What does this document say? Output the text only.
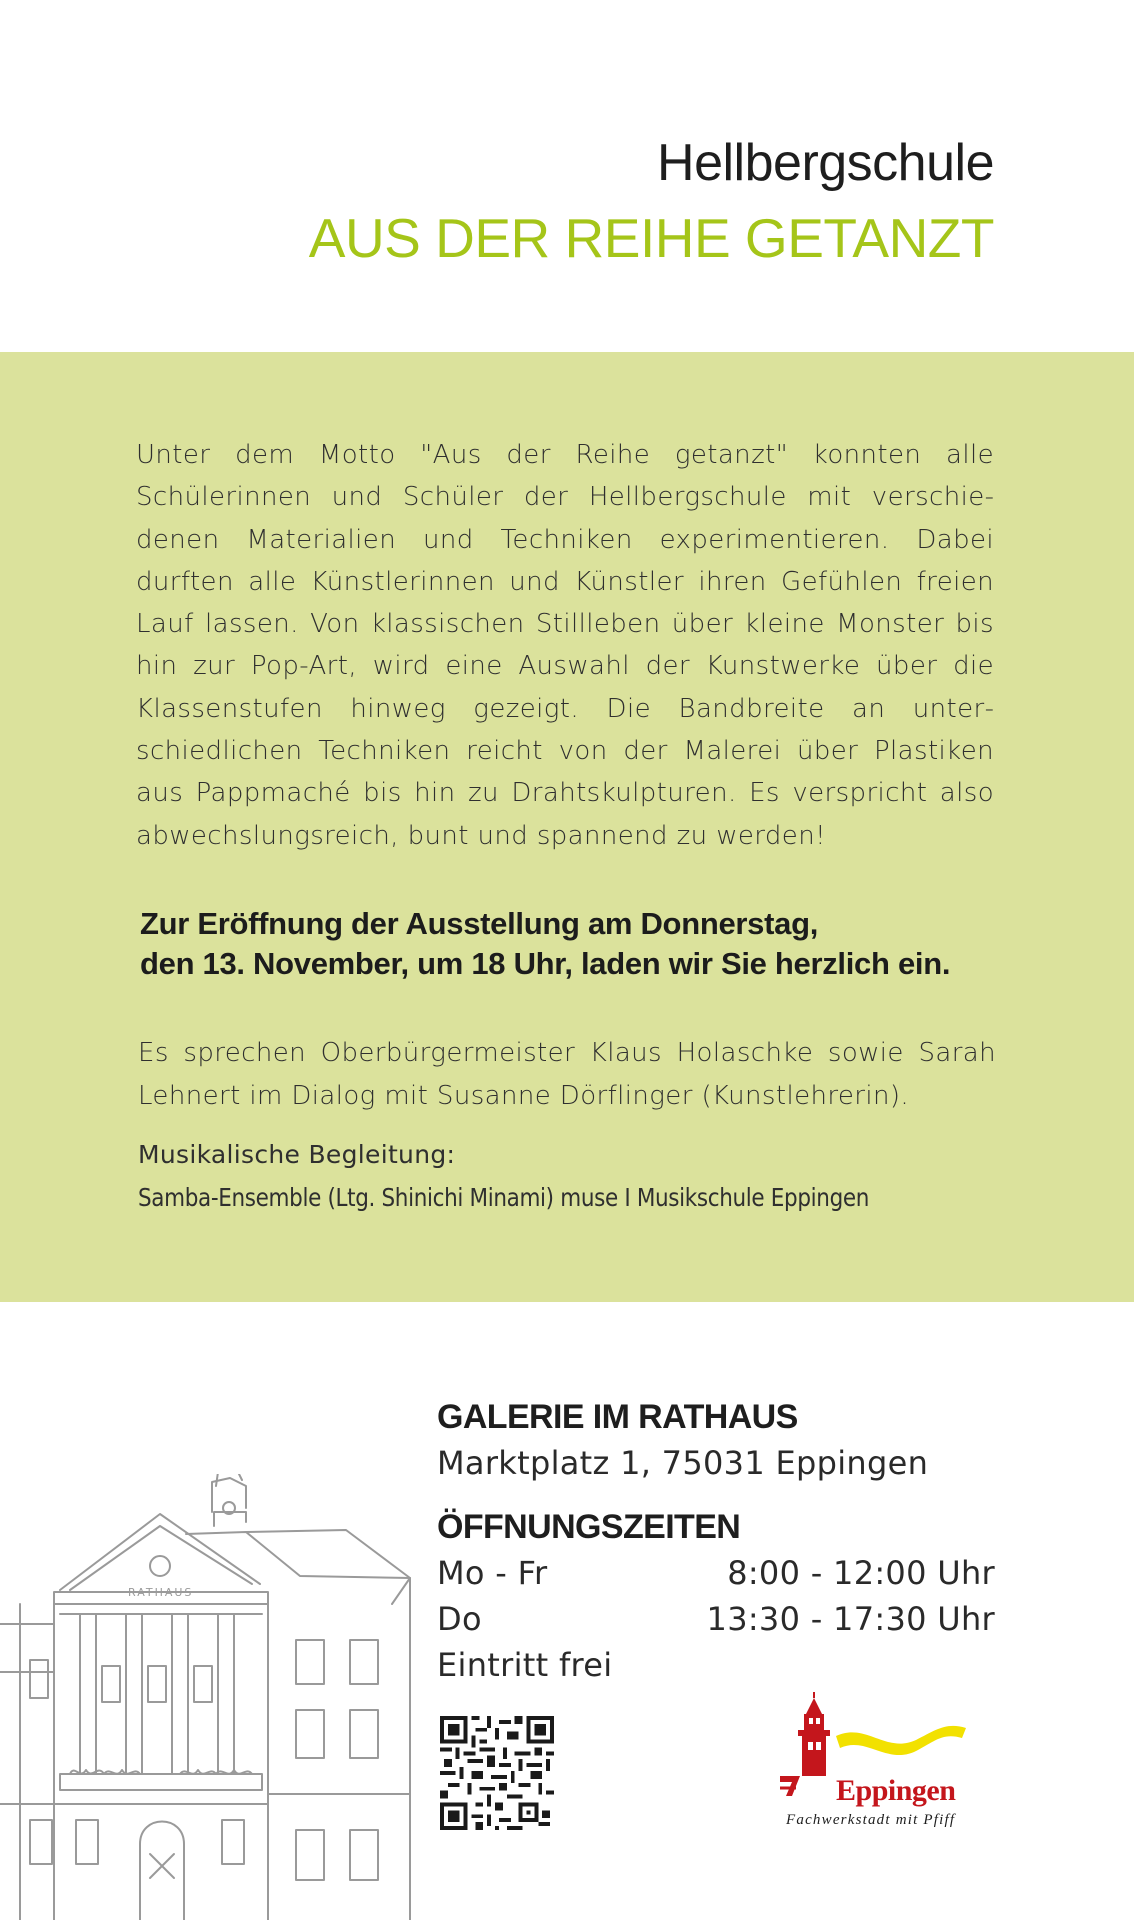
Hellbergschule
AUS DER REIHE GETANZT

Unter dem Motto "Aus der Reihe getanzt" konnten alle Schülerinnen und Schüler der Hellbergschule mit verschiedenen Materialien und Techniken experimentieren. Dabei durften alle Künstlerinnen und Künstler ihren Gefühlen freien Lauf lassen. Von klassischen Stillleben über kleine Monster bis hin zur Pop-Art, wird eine Auswahl der Kunstwerke über die Klassenstufen hinweg gezeigt. Die Bandbreite an unterschiedlichen Techniken reicht von der Malerei über Plastiken aus Pappmaché bis hin zu Drahtskulpturen. Es verspricht also abwechslungsreich, bunt und spannend zu werden!

Zur Eröffnung der Ausstellung am Donnerstag,
den 13. November, um 18 Uhr, laden wir Sie herzlich ein.

Es sprechen Oberbürgermeister Klaus Holaschke sowie Sarah Lehnert im Dialog mit Susanne Dörflinger (Kunstlehrerin).

Musikalische Begleitung:
Samba-Ensemble (Ltg. Shinichi Minami) muse I Musikschule Eppingen
RATHAUS
GALERIE IM RATHAUS
Marktplatz 1, 75031 Eppingen
ÖFFNUNGSZEITEN
Mo - Fr	8:00 - 12:00 Uhr
Do	13:30 - 17:30 Uhr
Eintritt frei
Eppingen
Fachwerkstadt mit Pfiff
